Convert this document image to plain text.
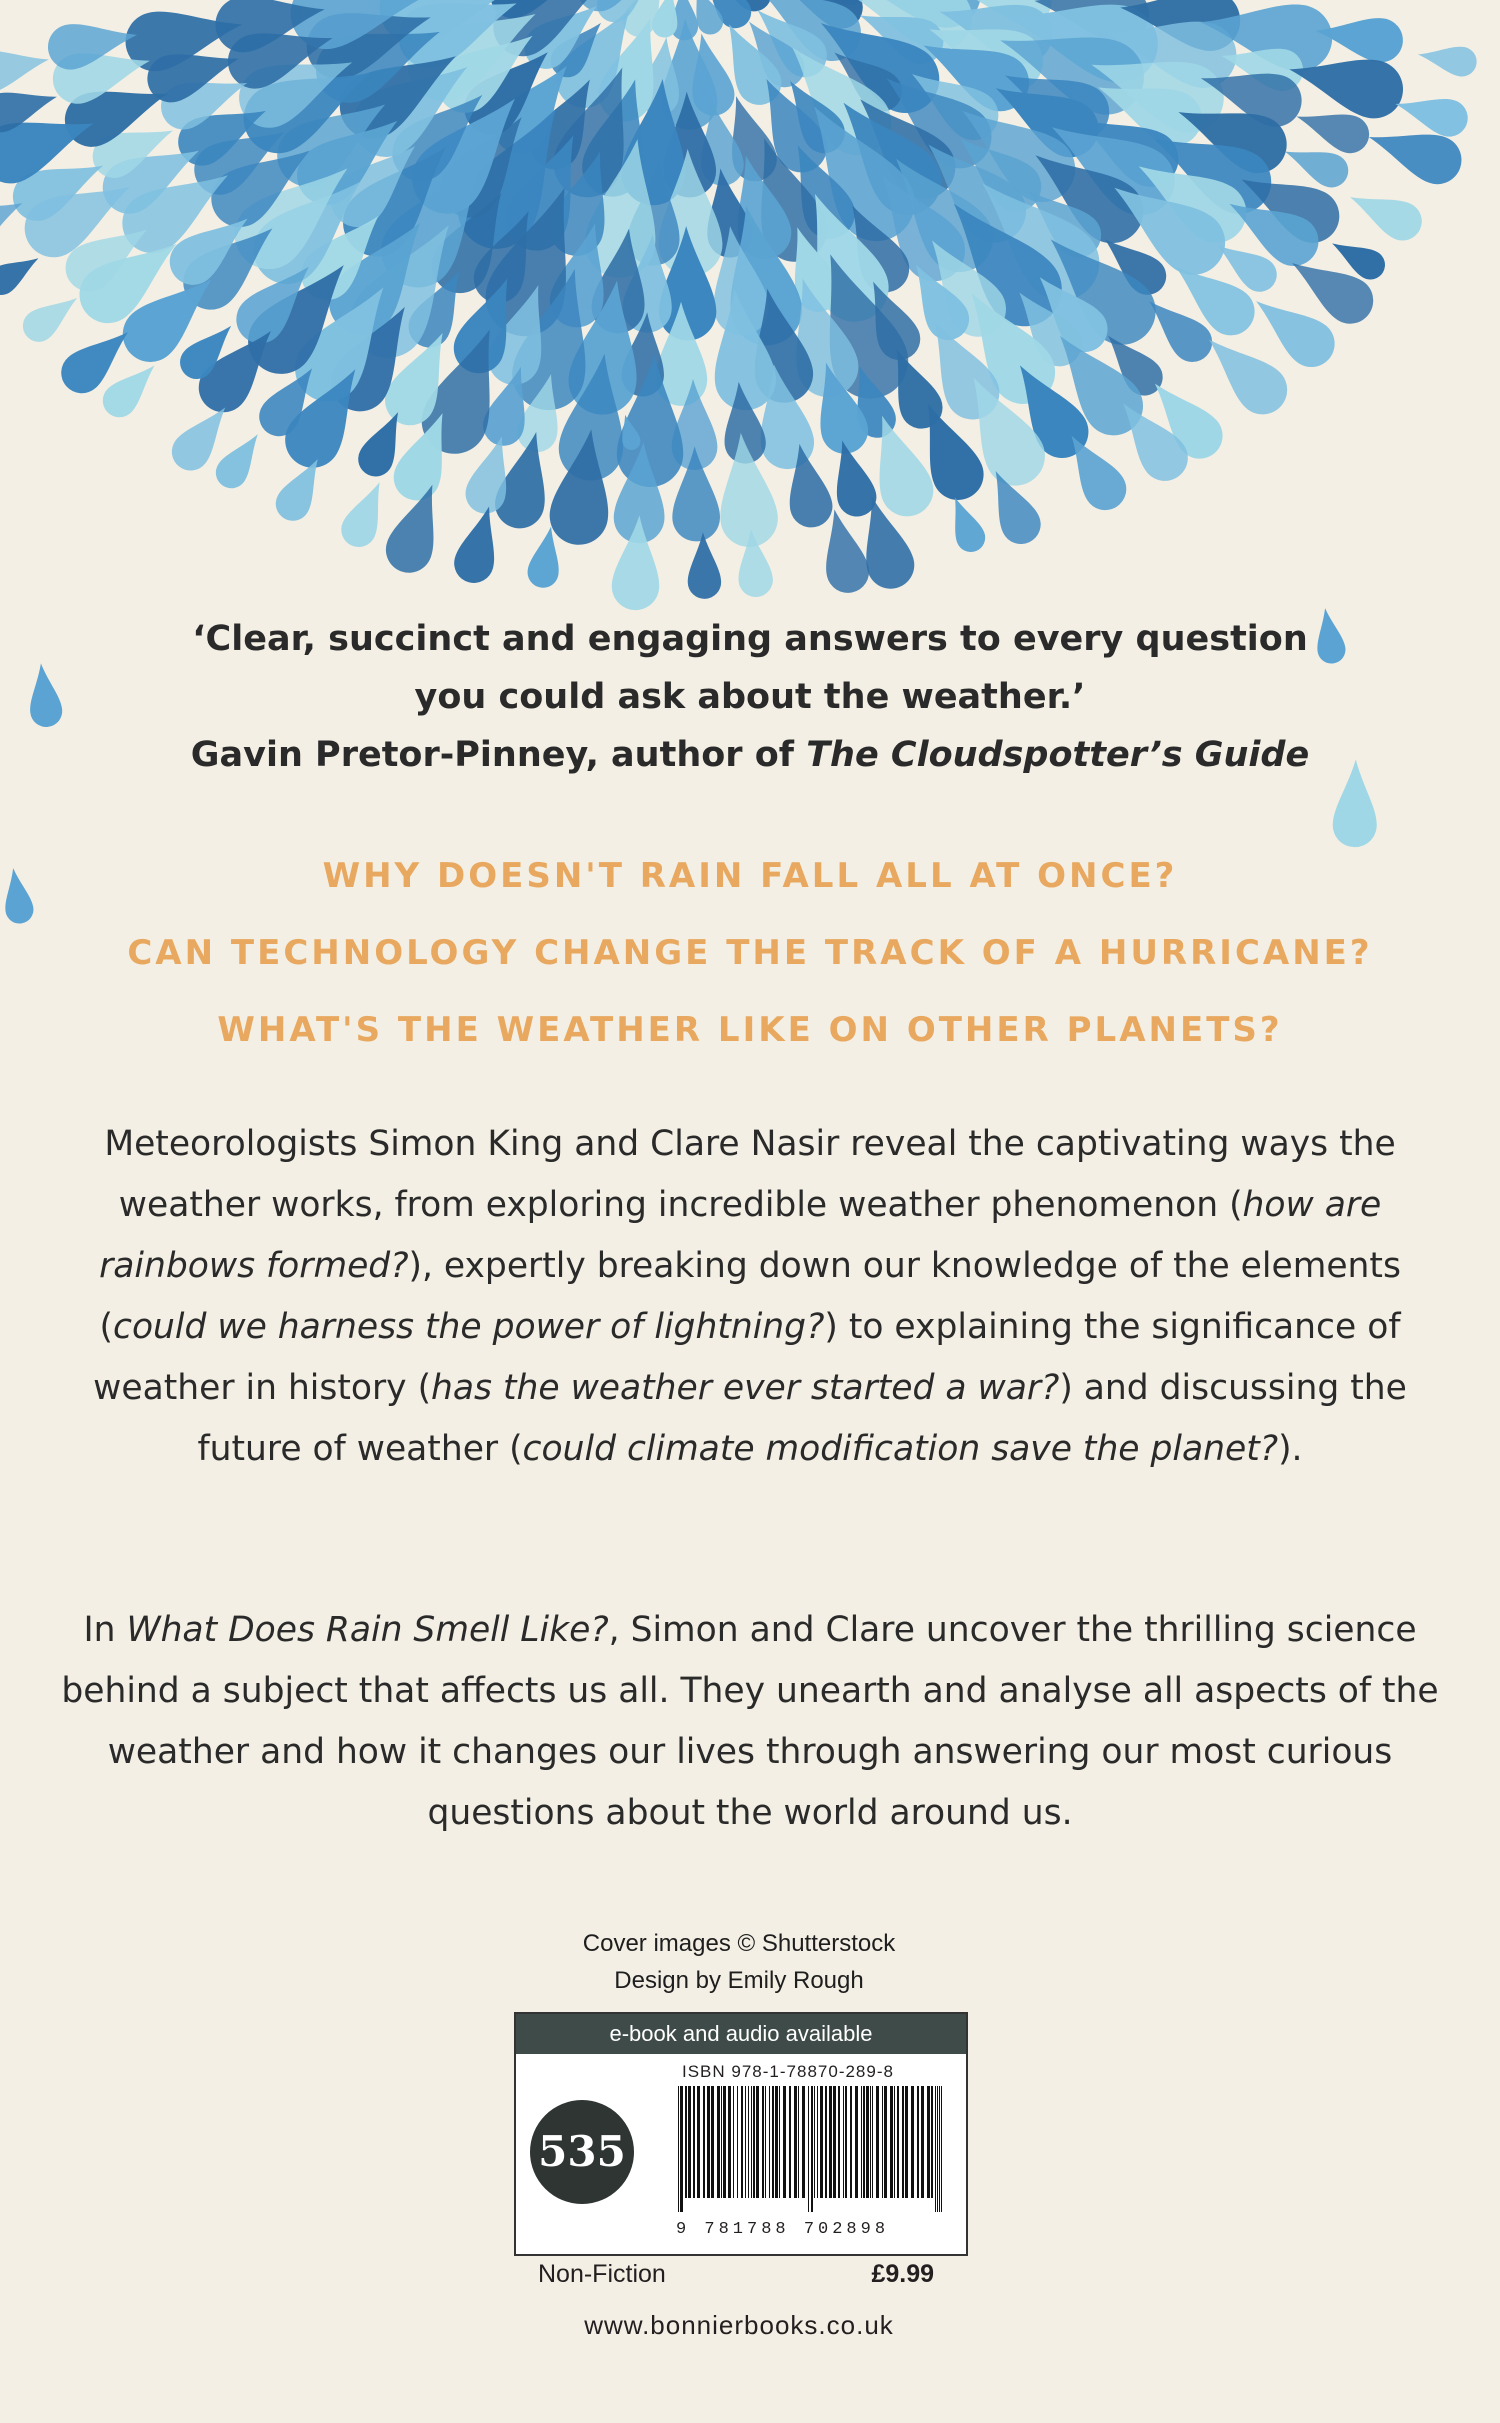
‘Clear, succinct and engaging answers to every question
you could ask about the weather.’
Gavin Pretor-Pinney, author of The Cloudspotter’s Guide
WHY DOESN'T RAIN FALL ALL AT ONCE?
CAN TECHNOLOGY CHANGE THE TRACK OF A HURRICANE?
WHAT'S THE WEATHER LIKE ON OTHER PLANETS?
Meteorologists Simon King and Clare Nasir reveal the captivating ways the weather works, from exploring incredible weather phenomenon (how are rainbows formed?), expertly breaking down our knowledge of the elements (could we harness the power of lightning?) to explaining the significance of weather in history (has the weather ever started a war?) and discussing the future of weather (could climate modification save the planet?).
In What Does Rain Smell Like?, Simon and Clare uncover the thrilling science behind a subject that affects us all. They unearth and analyse all aspects of the weather and how it changes our lives through answering our most curious questions about the world around us.
Cover images © Shutterstock
Design by Emily Rough
e-book and audio available
535
ISBN 978-1-78870-289-8
9 781788 702898
Non-Fiction	£9.99
www.bonnierbooks.co.uk
